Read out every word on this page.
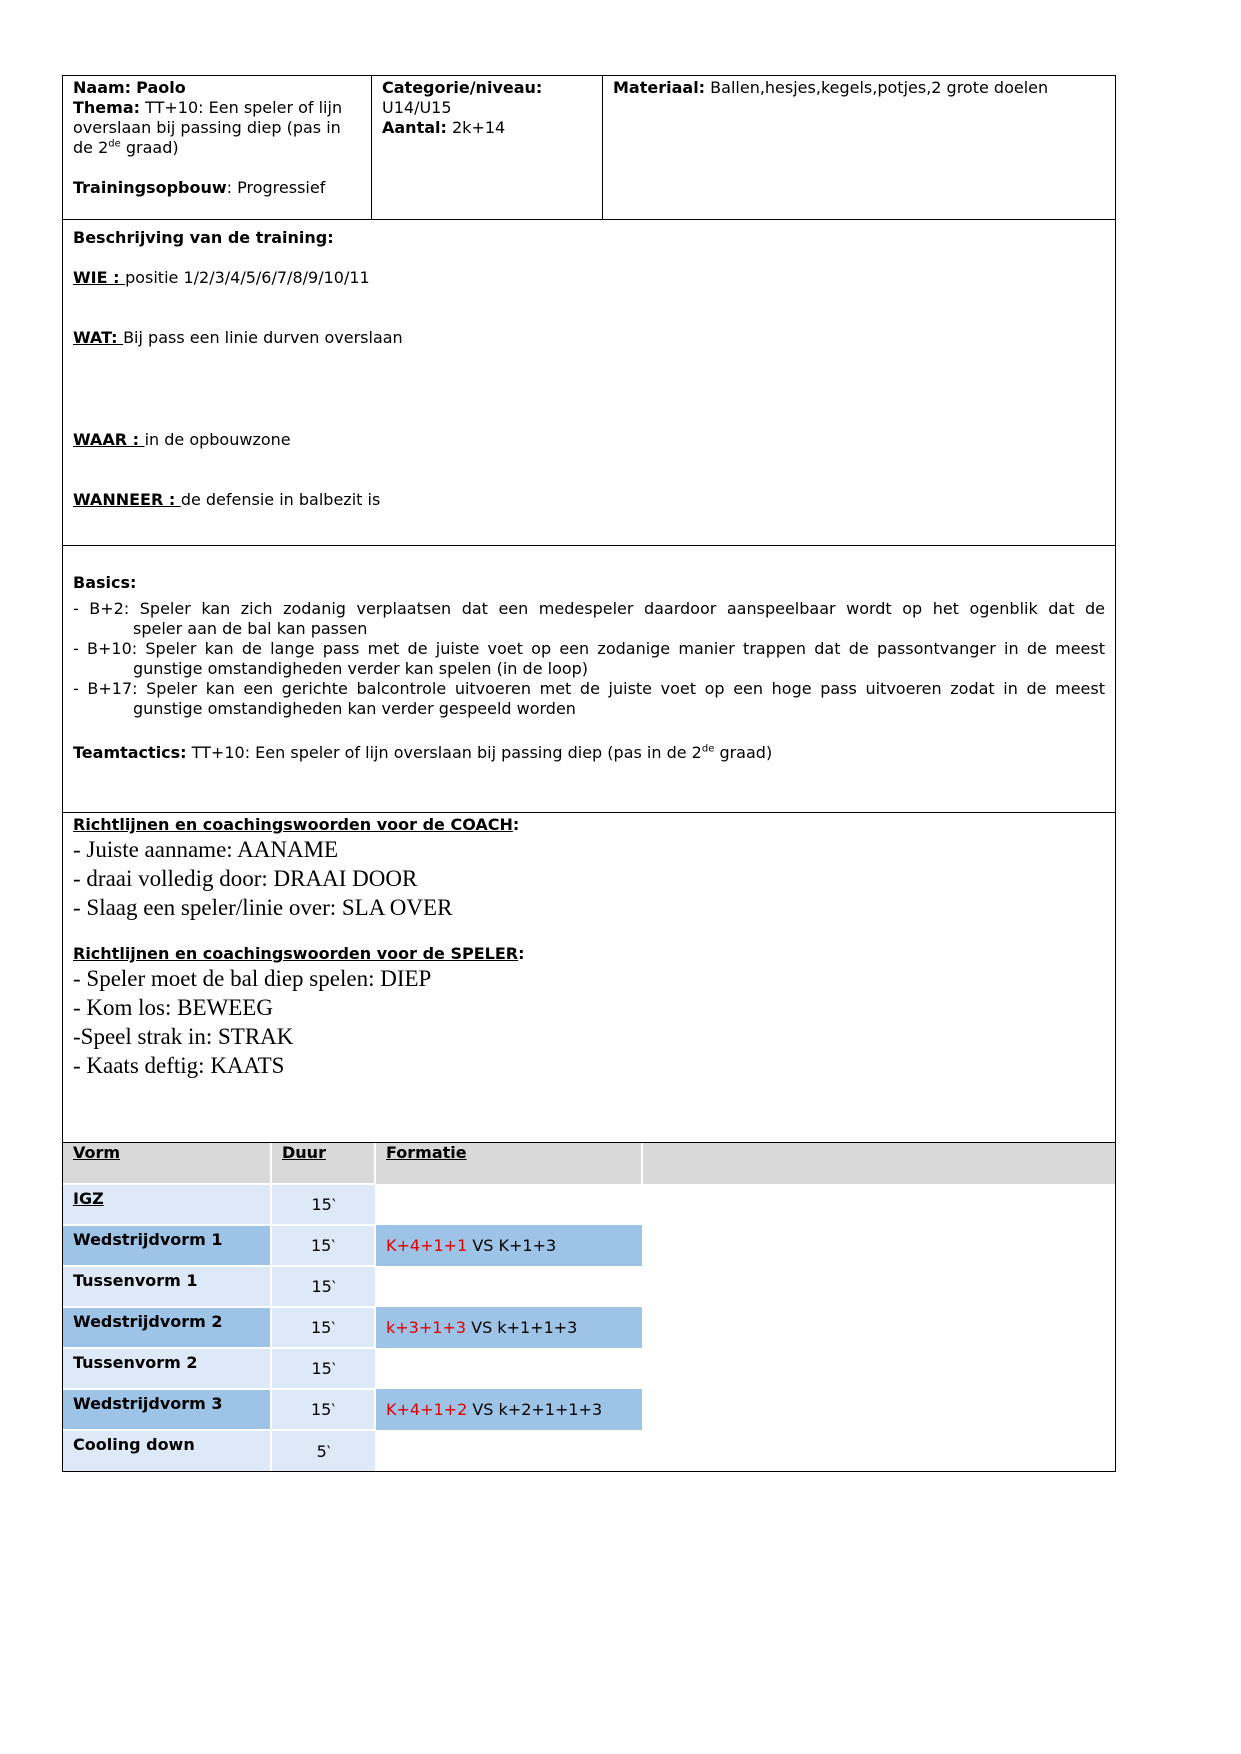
Naam: Paolo
Thema: TT+10: Een speler of lijn overslaan bij passing diep (pas in de 2de graad)
Trainingsopbouw: Progressief
Categorie/niveau:
U14/U15
Aantal: 2k+14
Materiaal: Ballen,hesjes,kegels,potjes,2 grote doelen
Beschrijving van de training:
WIE : positie 1/2/3/4/5/6/7/8/9/10/11
WAT: Bij pass een linie durven overslaan
WAAR : in de opbouwzone
WANNEER : de defensie in balbezit is
Basics:
- B+2: Speler kan zich zodanig verplaatsen dat een medespeler daardoor aanspeelbaar wordt op het ogenblik dat de
speler aan de bal kan passen
- B+10: Speler kan de lange pass met de juiste voet op een zodanige manier trappen dat de passontvanger in de meest
gunstige omstandigheden verder kan spelen (in de loop)
- B+17: Speler kan een gerichte balcontrole uitvoeren met de juiste voet op een hoge pass uitvoeren zodat in de meest
gunstige omstandigheden kan verder gespeeld worden
Teamtactics: TT+10: Een speler of lijn overslaan bij passing diep (pas in de 2de graad)
Richtlijnen en coachingswoorden voor de COACH:
- Juiste aanname: AANAME
- draai volledig door: DRAAI DOOR
- Slaag een speler/linie over: SLA OVER
Richtlijnen en coachingswoorden voor de SPELER:
- Speler moet de bal diep spelen: DIEP
- Kom los: BEWEEG
-Speel strak in: STRAK
- Kaats deftig: KAATS
Vorm	Duur	Formatie	
IGZ	15‵		
Wedstrijdvorm 1	15‵	K+4+1+1 VS K+1+3	
Tussenvorm 1	15‵		
Wedstrijdvorm 2	15‵	k+3+1+3 VS k+1+1+3	
Tussenvorm 2	15‵		
Wedstrijdvorm 3	15‵	K+4+1+2 VS k+2+1+1+3	
Cooling down	5‵		
